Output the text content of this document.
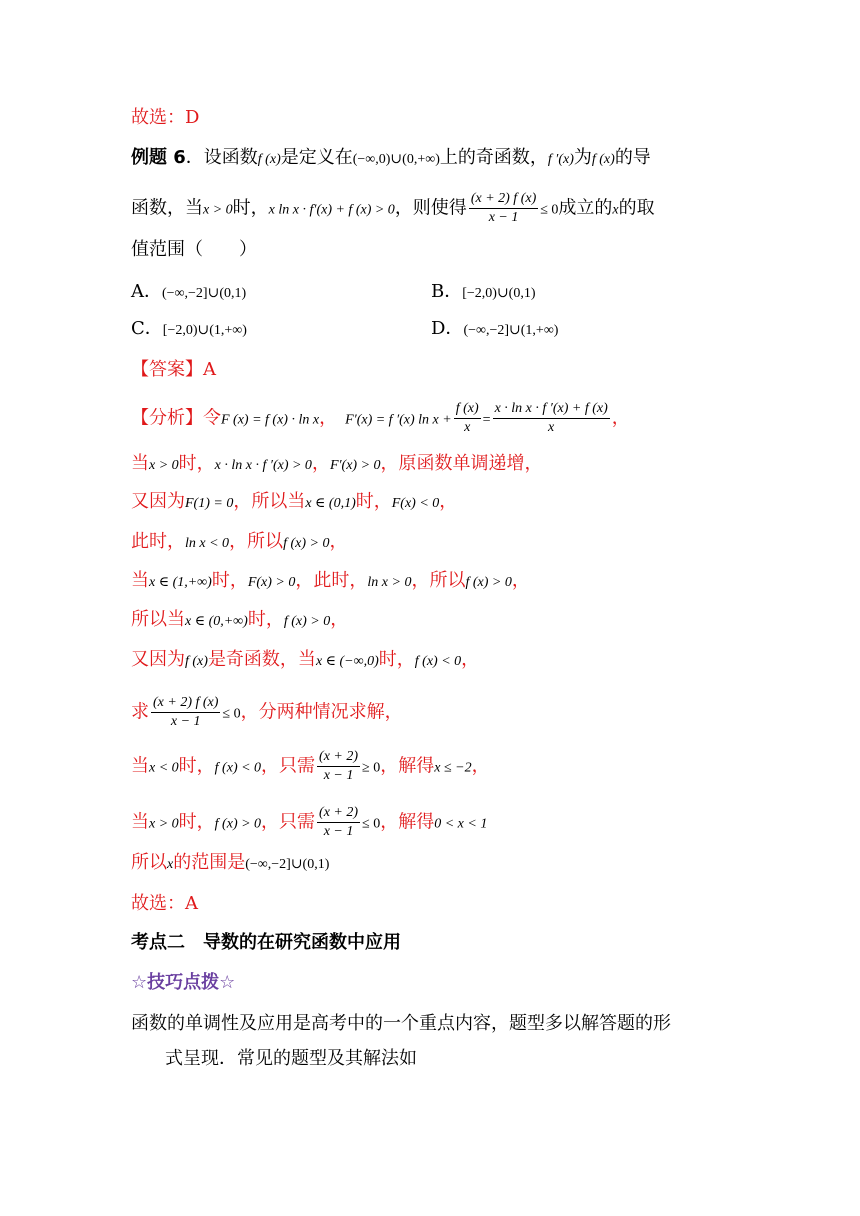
故选：D
例题 6．设函数f (x)是定义在(−∞,0)∪(0,+∞)上的奇函数，f ′(x)为f (x)的导
函数，当x > 0时，x ln x · f′(x) + f (x) > 0，则使得 $\frac{(x + 2) f (x)}{x - 1} \le 0$成立的x的取
值范围（　　）
A．(−∞,−2]∪(0,1)	B．[−2,0)∪(0,1)
C．[−2,0)∪(1,+∞)	D．(−∞,−2]∪(1,+∞)
【答案】A
【分析】令F (x) = f (x) · ln x， F′(x) = f ′(x) $\ln x + \frac{f (x)}{x} = \frac{\text{x · ln x · f ′(x) + f (x)}}{x}$ ，
当x > 0时，x · ln x · f ′(x) > 0，F′(x) > 0，原函数单调递增，
又因为F(1) = 0，所以当x ∈ (0,1)时，F(x) < 0，
此时，ln x < 0，所以f (x) > 0，
当x ∈ (1,+∞)时，F(x) > 0，此时，ln x > 0，所以f (x) > 0，
所以当x ∈ (0,+∞)时，f (x) > 0，
又因为f (x)是奇函数，当x ∈ (−∞,0)时，f (x) < 0，
求 $\frac{(x + 2) f (x)}{x - 1} \le 0$，分两种情况求解，
当x < 0时，f (x) < 0，只需 $\frac{(x + 2)}{x - 1} \ge 0$，解得x ≤ −2，
当x > 0时，f (x) > 0，只需 $\frac{(x + 2)}{x - 1} \le 0$，解得0 < x < 1
所以x的范围是(−∞,−2]∪(0,1)
故选：A
考点二　导数的在研究函数中应用
☆技巧点拨☆
函数的单调性及应用是高考中的一个重点内容，题型多以解答题的形
式呈现．常见的题型及其解法如
